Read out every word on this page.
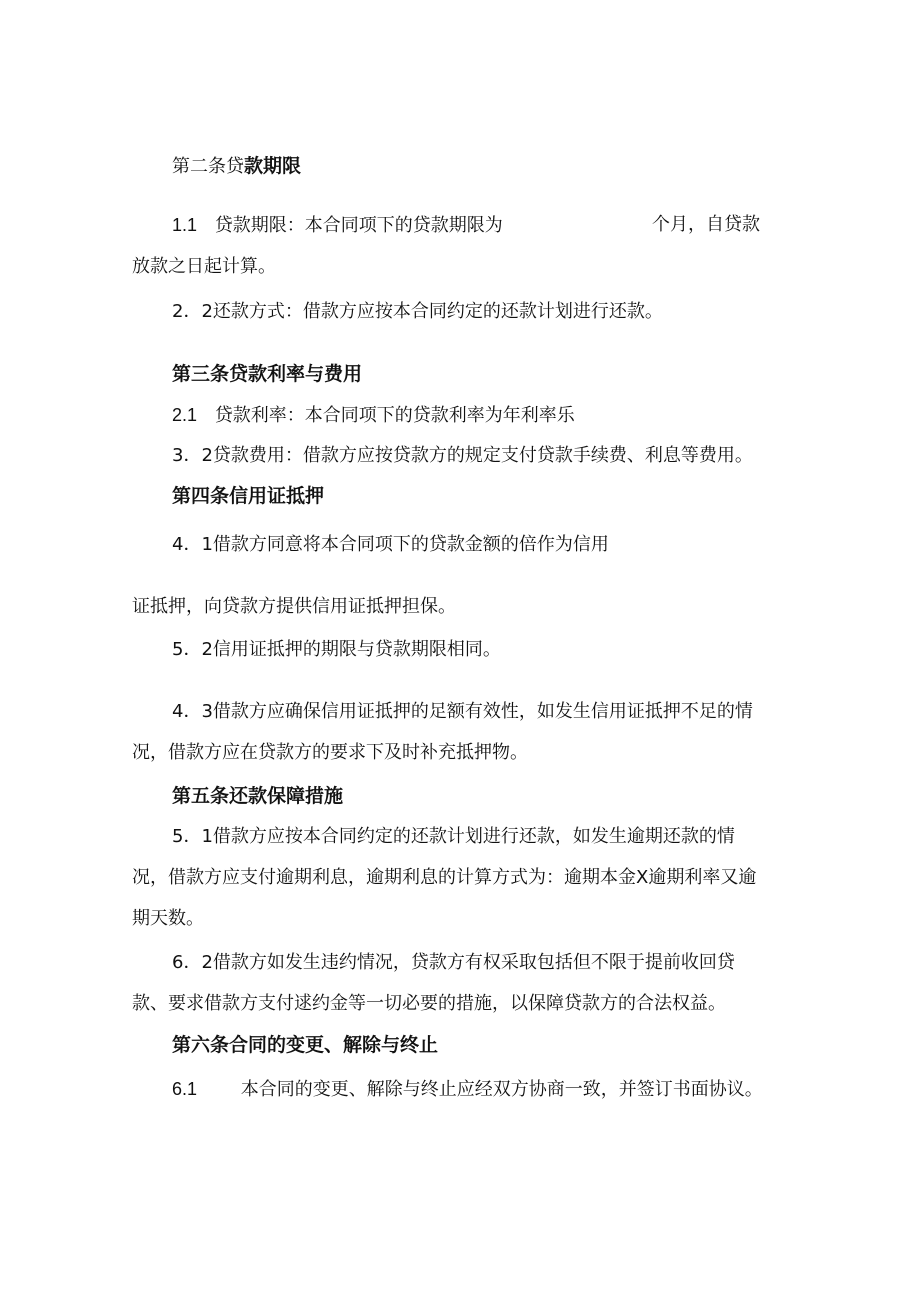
第二条贷款期限
1.1 贷款期限：本合同项下的贷款期限为	个月，自贷款
放款之日起计算。
2．2还款方式：借款方应按本合同约定的还款计划进行还款。
第三条贷款利率与费用
2.1 贷款利率：本合同项下的贷款利率为年利率乐
3．2贷款费用：借款方应按贷款方的规定支付贷款手续费、利息等费用。
第四条信用证抵押
4．1借款方同意将本合同项下的贷款金额的倍作为信用
证抵押，向贷款方提供信用证抵押担保。
5．2信用证抵押的期限与贷款期限相同。
4．3借款方应确保信用证抵押的足额有效性，如发生信用证抵押不足的情
况，借款方应在贷款方的要求下及时补充抵押物。
第五条还款保障措施
5．1借款方应按本合同约定的还款计划进行还款，如发生逾期还款的情
况，借款方应支付逾期利息，逾期利息的计算方式为：逾期本金X逾期利率又逾
期天数。
6．2借款方如发生违约情况，贷款方有权采取包括但不限于提前收回贷
款、要求借款方支付逑约金等一切必要的措施，以保障贷款方的合法权益。
第六条合同的变更、解除与终止
6.1 本合同的变更、解除与终止应经双方协商一致，并签订书面协议。
